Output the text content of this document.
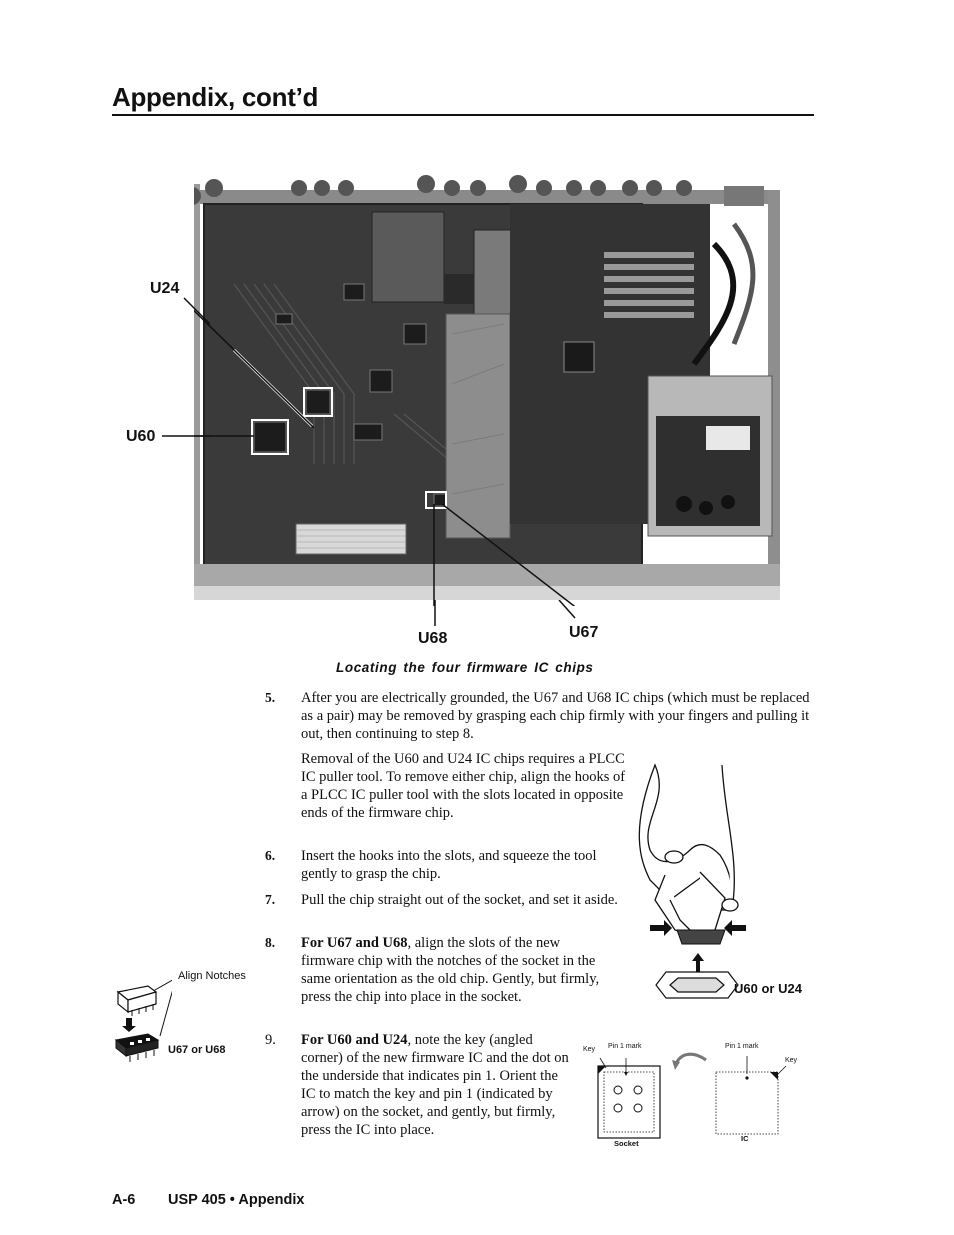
Appendix, cont’d
U24
U60
U68	U67
Locating the four firmware IC chips
5. After you are electrically grounded, the U67 and U68 IC chips (which must be replaced as a pair) may be removed by grasping each chip firmly with your fingers and pulling it out, then continuing to step 8.
Removal of the U60 and U24 IC chips requires a PLCC IC puller tool. To remove either chip, align the hooks of a PLCC IC puller tool with the slots located in opposite ends of the firmware chip.
6. Insert the hooks into the slots, and squeeze the tool gently to grasp the chip.
7. Pull the chip straight out of the socket, and set it aside.
8. For U67 and U68, align the slots of the new firmware chip with the notches of the socket in the same orientation as the old chip. Gently, but firmly, press the chip into place in the socket.
9. For U60 and U24, note the key (angled corner) of the new firmware IC and the dot on the underside that indicates pin 1. Orient the IC to match the key and pin 1 (indicated by arrow) on the socket, and gently, but firmly, press the IC into place.
U60 or U24
Align Notches
U67 or U68	Key Pin 1 mark
Socket
Pin 1 mark
Key
IC
A-6 USP 405 • Appendix
